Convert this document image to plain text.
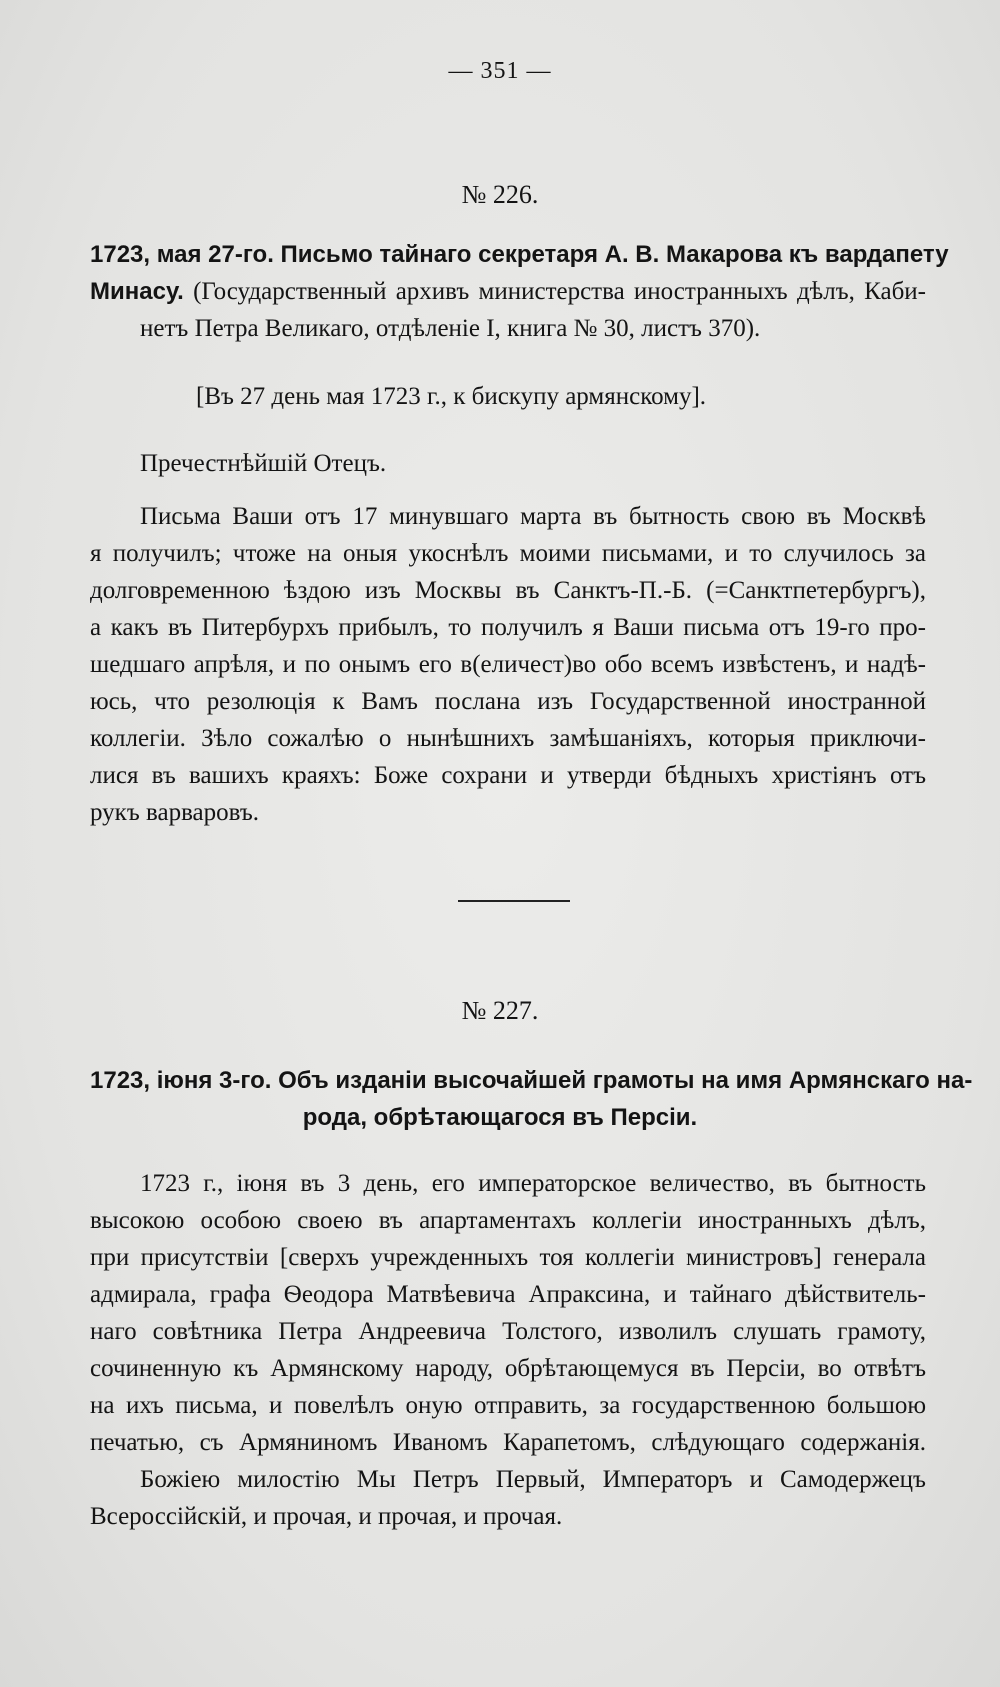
— 351 —
№ 226.
1723, мая 27-го. Письмо тайнаго секретаря А. В. Макарова къ вардапету
Минасу. (Государственный архивъ министерства иностранныхъ дѣлъ, Каби-
нетъ Петра Великаго, отдѣленіе I, книга № 30, листъ 370).
[Въ 27 день мая 1723 г., к бискупу армянскому].
Пречестнѣйшій Отецъ.
Письма Ваши отъ 17 минувшаго марта въ бытность свою въ Москвѣ
я получилъ; чтоже на оныя укоснѣлъ моими письмами, и то случилось за
долговременною ѣздою изъ Москвы въ Санктъ-П.-Б. (=Санктпетербургъ),
а какъ въ Питербурхъ прибылъ, то получилъ я Ваши письма отъ 19-го про-
шедшаго апрѣля, и по онымъ его в(еличест)во обо всемъ извѣстенъ, и надѣ-
юсь, что резолюція к Вамъ послана изъ Государственной иностранной
коллегіи. Зѣло сожалѣю о нынѣшнихъ замѣшаніяхъ, которыя приключи-
лися въ вашихъ краяхъ: Боже сохрани и утверди бѣдныхъ христіянъ отъ
рукъ варваровъ.
№ 227.
1723, іюня 3-го. Объ изданіи высочайшей грамоты на имя Армянскаго на-
рода, обрѣтающагося въ Персіи.
1723 г., іюня въ 3 день, его императорское величество, въ бытность
высокою особою своею въ апартаментахъ коллегіи иностранныхъ дѣлъ,
при присутствіи [сверхъ учрежденныхъ тоя коллегіи министровъ] генерала
адмирала, графа Ѳеодора Матвѣевича Апраксина, и тайнаго дѣйствитель-
наго совѣтника Петра Андреевича Толстого, изволилъ слушать грамоту,
сочиненную къ Армянскому народу, обрѣтающемуся въ Персіи, во отвѣтъ
на ихъ письма, и повелѣлъ оную отправить, за государственною большою
печатью, съ Армяниномъ Иваномъ Карапетомъ, слѣдующаго содержанія.
Божіею милостію Мы Петръ Первый, Императоръ и Самодержецъ
Всероссійскій, и прочая, и прочая, и прочая.
